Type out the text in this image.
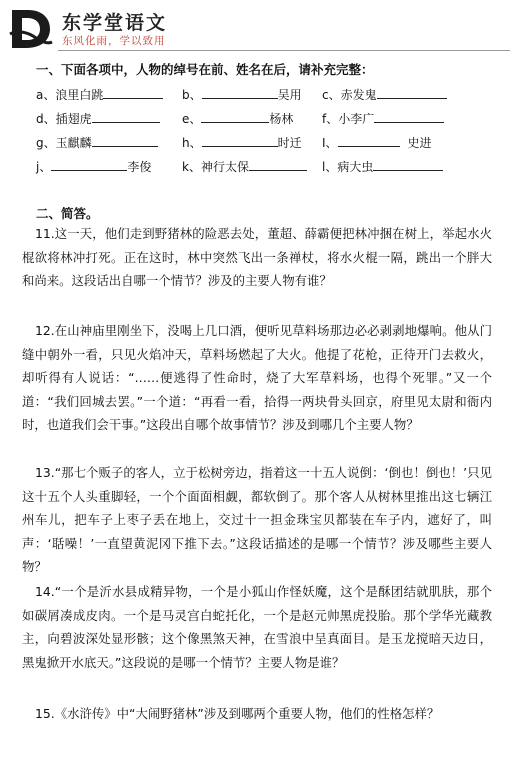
东学堂语文
东风化雨，学以致用
一、下面各项中，人物的绰号在前、姓名在后，请补充完整：
a、浪里白跳	b、	吴用 c、赤发鬼
d、插翅虎	e、	杨林 f、小李广
g、玉麒麟	h、	时迁 I、	史进
j、	李俊	k、神行太保	l、病大虫
二、简答。
11.这一天，他们走到野猪林的险恶去处，董超、薛霸便把林冲捆在树上，举起水火棍欲将林冲打死。正在这时，林中突然飞出一条禅杖，将水火棍一隔，跳出一个胖大和尚来。这段话出自哪一个情节？涉及的主要人物有谁？
12.在山神庙里刚坐下，没喝上几口酒，便听见草料场那边必必剥剥地爆响。他从门缝中朝外一看，只见火焰冲天，草料场燃起了大火。他提了花枪，正待开门去救火，却听得有人说话：“……便逃得了性命时，烧了大军草料场，也得个死罪。”又一个道：“我们回城去罢。”一个道：“再看一看，拾得一两块骨头回京，府里见太尉和衙内时，也道我们会干事。”这段出自哪个故事情节？涉及到哪几个主要人物？
13.“那七个贩子的客人，立于松树旁边，指着这一十五人说倒：‘倒也！倒也！’只见这十五个人头重脚轻，一个个面面相觑，都软倒了。那个客人从树林里推出这七辆江州车儿，把车子上枣子丢在地上，交过十一担金珠宝贝都装在车子内，遮好了，叫声：‘聒噪！’一直望黄泥冈下推下去。”这段话描述的是哪一个情节？涉及哪些主要人物？
14.“一个是沂水县成精异物，一个是小狐山作怪妖魔，这个是酥团结就肌肤，那个如碳屑凑成皮肉。一个是马灵宫白蛇托化，一个是赵元帅黑虎投胎。那个学华光藏教主，向碧波深处显形骸；这个像黑煞天神，在雪浪中呈真面目。是玉龙搅暗天边日，黑鬼掀开水底天。”这段说的是哪一个情节？主要人物是谁？
15.《水浒传》中“大闹野猪林”涉及到哪两个重要人物，他们的性格怎样？
